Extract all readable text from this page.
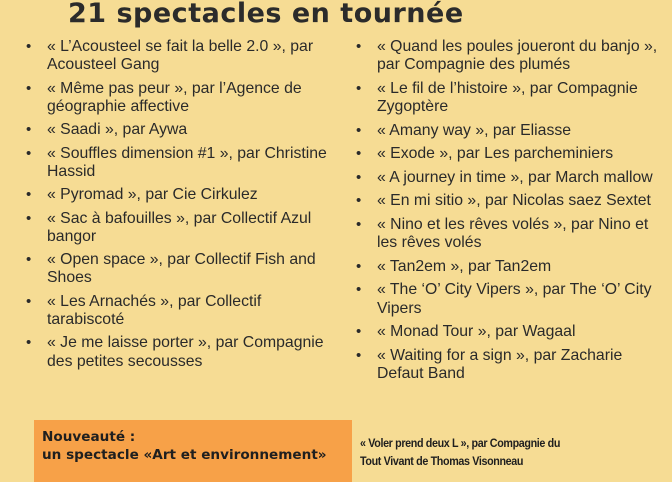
21 spectacles en tournée
• « L’Acousteel se fait la belle 2.0 », par Acousteel Gang
• « Même pas peur », par l’Agence de géographie affective
• « Saadi », par Aywa
• « Souffles dimension #1 », par Christine Hassid
• « Pyromad », par Cie Cirkulez
• « Sac à bafouilles », par Collectif Azul bangor
• « Open space », par Collectif Fish and Shoes
• « Les Arnachés », par Collectif tarabiscoté
• « Je me laisse porter », par Compagnie des petites secousses
• « Quand les poules joueront du banjo », par Compagnie des plumés
• « Le fil de l’histoire », par Compagnie Zygoptère
• « Amany way », par Eliasse
• « Exode », par Les parcheminiers
• « A journey in time », par March mallow
• « En mi sitio », par Nicolas saez Sextet
• « Nino et les rêves volés », par Nino et les rêves volés
• « Tan2em », par Tan2em
• « The ‘O’ City Vipers », par The ‘O’ City Vipers
• « Monad Tour », par Wagaal
• « Waiting for a sign », par Zacharie Defaut Band
Nouveauté :
un spectacle «Art et environnement»
« Voler prend deux L », par Compagnie du
Tout Vivant de Thomas Visonneau
